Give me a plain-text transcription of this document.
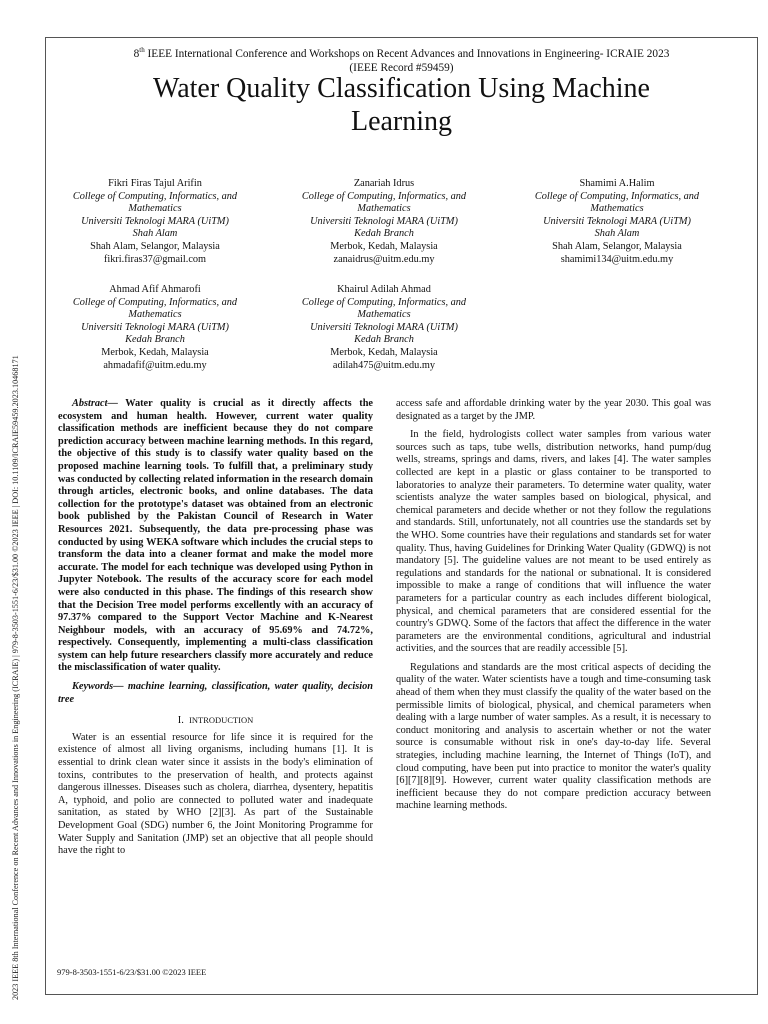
2023 IEEE 8th International Conference on Recent Advances and Innovations in Engineering (ICRAIE) | 979-8-3503-1551-6/23/$31.00 ©2023 IEEE | DOI: 10.1109/ICRAIE59459.2023.10468171
8th IEEE International Conference and Workshops on Recent Advances and Innovations in Engineering- ICRAIE 2023
(IEEE Record #59459)
Water Quality Classification Using Machine
Learning
Fikri Firas Tajul Arifin
College of Computing, Informatics, and
Mathematics
Universiti Teknologi MARA (UiTM)
Shah Alam
Shah Alam, Selangor, Malaysia
fikri.firas37@gmail.com
Zanariah Idrus
College of Computing, Informatics, and
Mathematics
Universiti Teknologi MARA (UiTM)
Kedah Branch
Merbok, Kedah, Malaysia
zanaidrus@uitm.edu.my
Shamimi A.Halim
College of Computing, Informatics, and
Mathematics
Universiti Teknologi MARA (UiTM)
Shah Alam
Shah Alam, Selangor, Malaysia
shamimi134@uitm.edu.my
Ahmad Afif Ahmarofi
College of Computing, Informatics, and
Mathematics
Universiti Teknologi MARA (UiTM)
Kedah Branch
Merbok, Kedah, Malaysia
ahmadafif@uitm.edu.my
Khairul Adilah Ahmad
College of Computing, Informatics, and
Mathematics
Universiti Teknologi MARA (UiTM)
Kedah Branch
Merbok, Kedah, Malaysia
adilah475@uitm.edu.my
Abstract— Water quality is crucial as it directly affects the ecosystem and human health. However, current water quality classification methods are inefficient because they do not compare prediction accuracy between machine learning methods. In this regard, the objective of this study is to classify water quality based on the proposed machine learning tools. To fulfill that, a preliminary study was conducted by collecting related information in the research domain through articles, electronic books, and online databases. The data collection for the prototype's dataset was obtained from an electronic book published by the Pakistan Council of Research in Water Resources 2021. Subsequently, the data pre-processing phase was conducted by using WEKA software which includes the crucial steps to transform the data into a cleaner format and make the model more accurate. The model for each technique was developed using Python in Jupyter Notebook. The results of the accuracy score for each model were also conducted in this phase. The findings of this research show that the Decision Tree model performs excellently with an accuracy of 97.37% compared to the Support Vector Machine and K-Nearest Neighbour models, with an accuracy of 95.69% and 74.72%, respectively. Consequently, implementing a multi-class classification system can help future researchers classify more accurately and reduce the misclassification of water quality.
Keywords— machine learning, classification, water quality, decision tree
I. INTRODUCTION

Water is an essential resource for life since it is required for the existence of almost all living organisms, including humans [1]. It is essential to drink clean water since it assists in the body's elimination of toxins, contributes to the preservation of health, and protects against dangerous illnesses. Diseases such as cholera, diarrhea, dysentery, hepatitis A, typhoid, and polio are connected to polluted water and inadequate sanitation, as stated by WHO [2][3]. As part of the Sustainable Development Goal (SDG) number 6, the Joint Monitoring Programme for Water Supply and Sanitation (JMP) set an objective that all people should have the right to

access safe and affordable drinking water by the year 2030. This goal was designated as a target by the JMP.

In the field, hydrologists collect water samples from various water sources such as taps, tube wells, distribution networks, hand pump/dug wells, streams, springs and dams, rivers, and lakes [4]. The water samples collected are kept in a plastic or glass container to be transported to laboratories to analyze their parameters. To determine water quality, water scientists analyze the water samples based on biological, physical, and chemical parameters and decide whether or not they follow the regulations and standards. Still, unfortunately, not all countries use the standards set by the WHO. Some countries have their regulations and standards set for water quality. Thus, having Guidelines for Drinking Water Quality (GDWQ) is not mandatory [5]. The guideline values are not meant to be used entirely as regulations and standards for the national or subnational. It is considered impossible to make a range of conditions that will influence the water parameters for a particular country as each includes different biological, physical, and chemical parameters that are considered essential for the country's GDWQ. Some of the factors that affect the difference in the water parameters are the environmental conditions, agricultural and industrial activities, and the sources that are readily accessible [5].

Regulations and standards are the most critical aspects of deciding the quality of the water. Water scientists have a tough and time-consuming task ahead of them when they must classify the quality of the water based on the permissible limits of biological, physical, and chemical parameters when dealing with a large number of water samples. As a result, it is necessary to conduct monitoring and analysis to ascertain whether or not the water source is consumable without risk in one's day-to-day life. Several strategies, including machine learning, the Internet of Things (IoT), and cloud computing, have been put into practice to monitor the water's quality [6][7][8][9]. However, current water quality classification methods are inefficient because they do not compare prediction accuracy between machine learning methods.

979-8-3503-1551-6/23/$31.00 ©2023 IEEE
